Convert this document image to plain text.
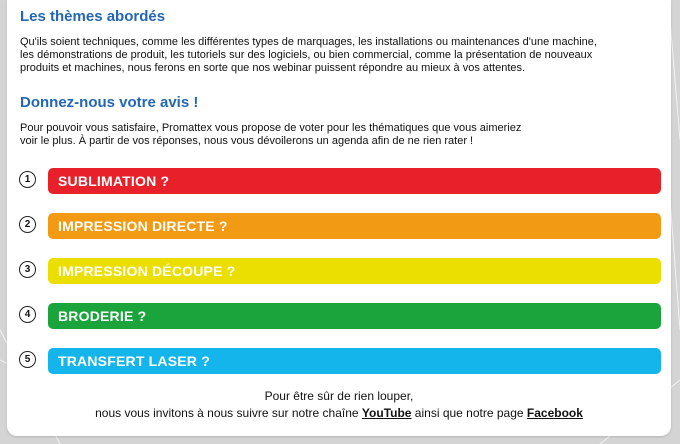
Les thèmes abordés

Qu'ils soient techniques, comme les différentes types de marquages, les installations ou maintenances d'une machine,

les démonstrations de produit, les tutoriels sur des logiciels, ou bien commercial, comme la présentation de nouveaux

produits et machines, nous ferons en sorte que nos webinar puissent répondre au mieux à vos attentes.

Donnez-nous votre avis !

Pour pouvoir vous satisfaire, Promattex vous propose de voter pour les thématiques que vous aimeriez

voir le plus. À partir de vos réponses, nous vous dévoilerons un agenda afin de ne rien rater !

1	SUBLIMATION ?
2	IMPRESSION DIRECTE ?
3	IMPRESSION DÉCOUPE ?
4	BRODERIE ?
5	TRANSFERT LASER ?
Pour être sûr de rien louper,
nous vous invitons à nous suivre sur notre chaîne YouTube ainsi que notre page Facebook
